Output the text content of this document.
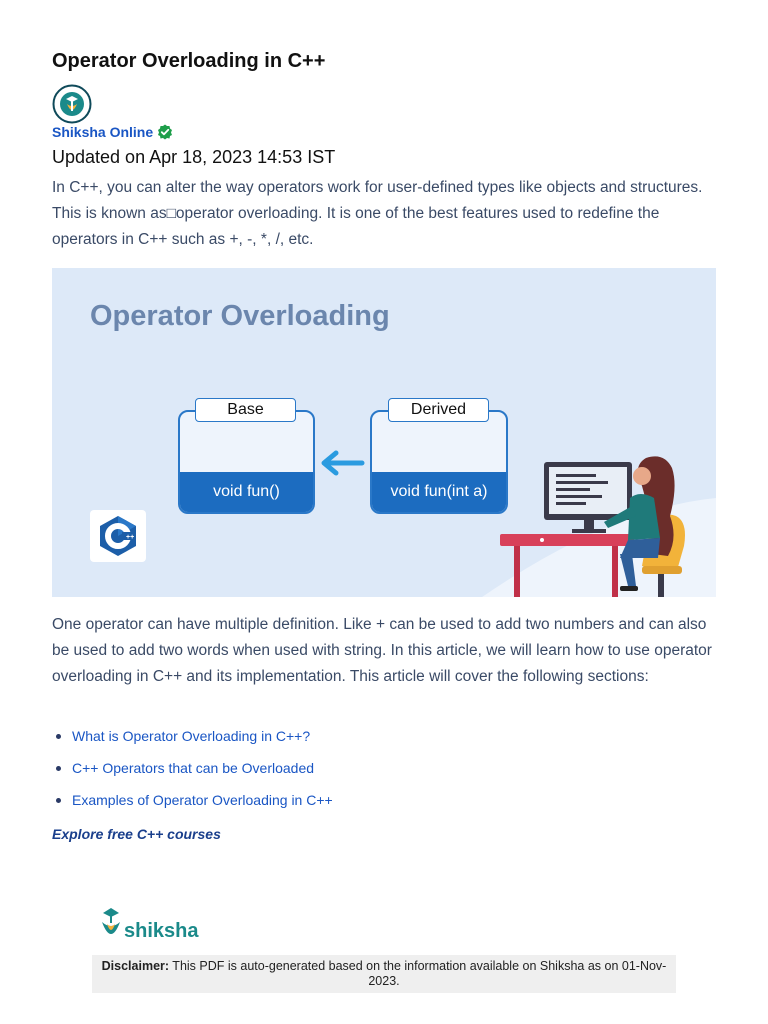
Operator Overloading in C++
Shiksha Online
Updated on Apr 18, 2023 14:53 IST

In C++, you can alter the way operators work for user-defined types like objects and structures. This is known as□operator overloading. It is one of the best features used to redefine the operators in C++ such as +, -, *, /, etc.

Operator Overloading
void fun()
Base
void fun(int a)
Derived
++

One operator can have multiple definition. Like + can be used to add two numbers and can also be used to add two words when used with string. In this article, we will learn how to use operator overloading in C++ and its implementation. This article will cover the following sections:

What is Operator Overloading in C++?
C++ Operators that can be Overloaded
Examples of Operator Overloading in C++
Explore free C++ courses
shiksha
Disclaimer: This PDF is auto-generated based on the information available on Shiksha as on 01-Nov-2023.
